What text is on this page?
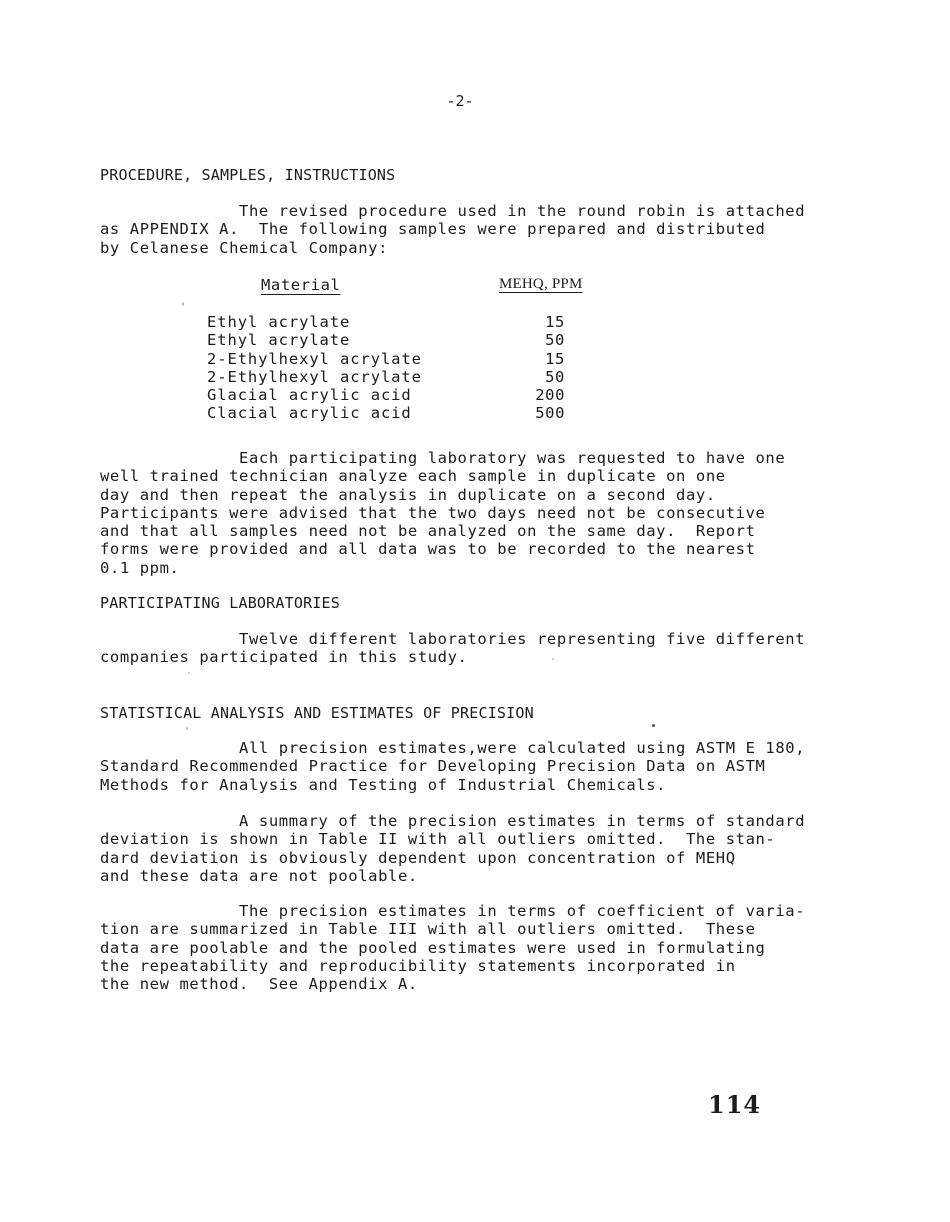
-2-
PROCEDURE, SAMPLES, INSTRUCTIONS
The revised procedure used in the round robin is attached
as APPENDIX A.  The following samples were prepared and distributed
by Celanese Chemical Company:
Material	MEHQ, PPM
Ethyl acrylate	15
Ethyl acrylate	50
2-Ethylhexyl acrylate	15
2-Ethylhexyl acrylate	50
Glacial acrylic acid	200
Clacial acrylic acid	500
Each participating laboratory was requested to have one
well trained technician analyze each sample in duplicate on one
day and then repeat the analysis in duplicate on a second day.
Participants were advised that the two days need not be consecutive
and that all samples need not be analyzed on the same day.  Report
forms were provided and all data was to be recorded to the nearest
0.1 ppm.
PARTICIPATING LABORATORIES
Twelve different laboratories representing five different
companies participated in this study.
STATISTICAL ANALYSIS AND ESTIMATES OF PRECISION
All precision estimates,were calculated using ASTM E 180,
Standard Recommended Practice for Developing Precision Data on ASTM
Methods for Analysis and Testing of Industrial Chemicals.
A summary of the precision estimates in terms of standard
deviation is shown in Table II with all outliers omitted.  The stan-
dard deviation is obviously dependent upon concentration of MEHQ
and these data are not poolable.
The precision estimates in terms of coefficient of varia-
tion are summarized in Table III with all outliers omitted.  These
data are poolable and the pooled estimates were used in formulating
the repeatability and reproducibility statements incorporated in
the new method.  See Appendix A.
114
